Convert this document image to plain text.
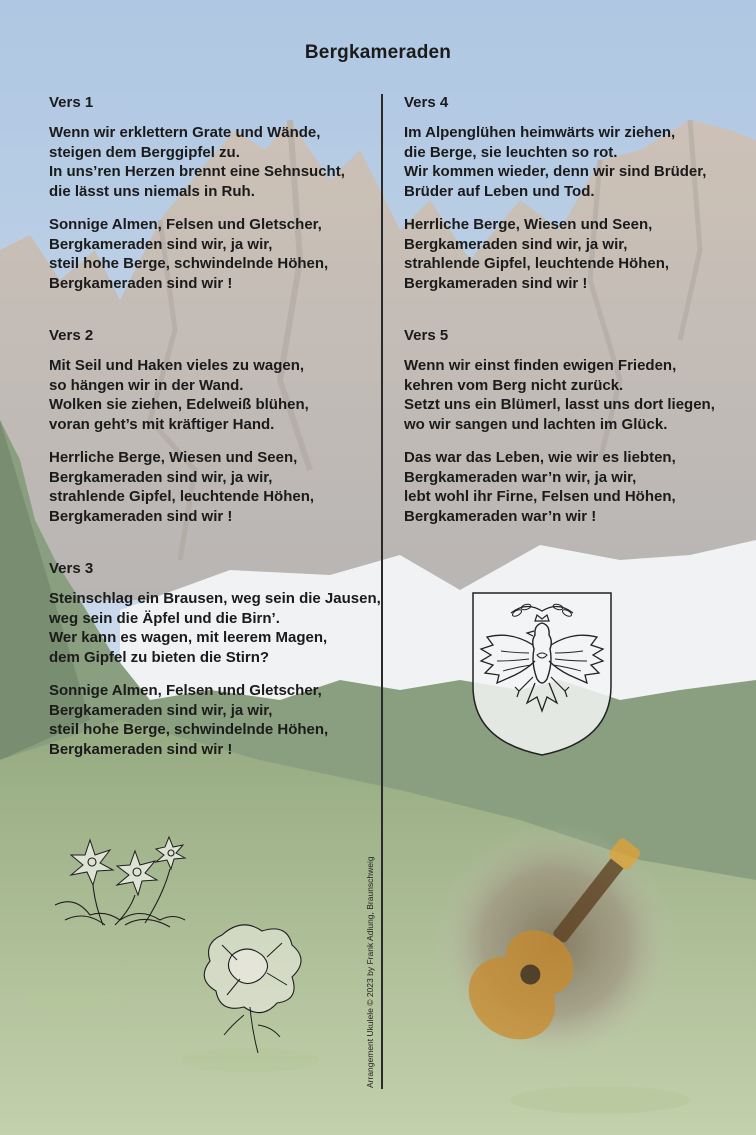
Bergkameraden
Vers 1
Wenn wir erklettern Grate und Wände,
steigen dem Berggipfel zu.
In uns’ren Herzen brennt eine Sehnsucht,
die lässt uns niemals in Ruh.
Sonnige Almen, Felsen und Gletscher,
Bergkameraden sind wir, ja wir,
steil hohe Berge, schwindelnde Höhen,
Bergkameraden sind wir !
Vers 2
Mit Seil und Haken vieles zu wagen,
so hängen wir in der Wand.
Wolken sie ziehen, Edelweiß blühen,
voran geht’s mit kräftiger Hand.
Herrliche Berge, Wiesen und Seen,
Bergkameraden sind wir, ja wir,
strahlende Gipfel, leuchtende Höhen,
Bergkameraden sind wir !
Vers 3
Steinschlag ein Brausen, weg sein die Jausen,
weg sein die Äpfel und die Birn’.
Wer kann es wagen, mit leerem Magen,
dem Gipfel zu bieten die Stirn?
Sonnige Almen, Felsen und Gletscher,
Bergkameraden sind wir, ja wir,
steil hohe Berge, schwindelnde Höhen,
Bergkameraden sind wir !
Vers 4
Im Alpenglühen heimwärts wir ziehen,
die Berge, sie leuchten so rot.
Wir kommen wieder, denn wir sind Brüder,
Brüder auf Leben und Tod.
Herrliche Berge, Wiesen und Seen,
Bergkameraden sind wir, ja wir,
strahlende Gipfel, leuchtende Höhen,
Bergkameraden sind wir !
Vers 5
Wenn wir einst finden ewigen Frieden,
kehren vom Berg nicht zurück.
Setzt uns ein Blümerl, lasst uns dort liegen,
wo wir sangen und lachten im Glück.
Das war das Leben, wie wir es liebten,
Bergkameraden war’n wir, ja wir,
lebt wohl ihr Firne, Felsen und Höhen,
Bergkameraden war’n wir !
Arrangement Ukulele © 2023 by Frank Adlung, Braunschweig
